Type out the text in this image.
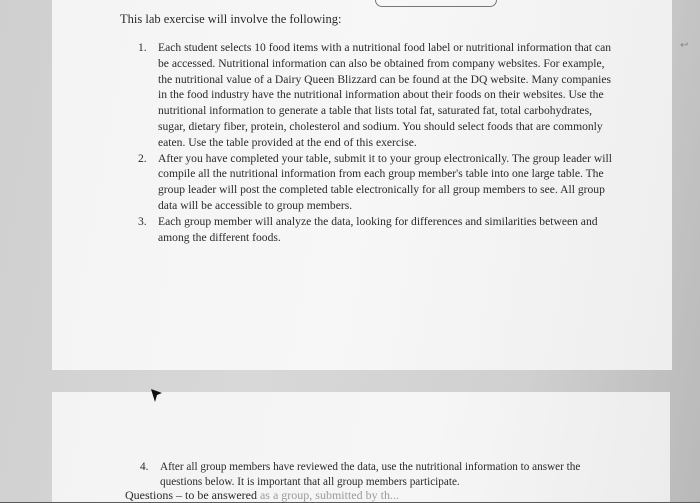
This lab exercise will involve the following:
1. Each student selects 10 food items with a nutritional food label or nutritional information that can be accessed. Nutritional information can also be obtained from company websites. For example, the nutritional value of a Dairy Queen Blizzard can be found at the DQ website. Many companies in the food industry have the nutritional information about their foods on their websites. Use the nutritional information to generate a table that lists total fat, saturated fat, total carbohydrates, sugar, dietary fiber, protein, cholesterol and sodium. You should select foods that are commonly eaten. Use the table provided at the end of this exercise.
2. After you have completed your table, submit it to your group electronically. The group leader will compile all the nutritional information from each group member's table into one large table. The group leader will post the completed table electronically for all group members to see. All group data will be accessible to group members.
3. Each group member will analyze the data, looking for differences and similarities between and among the different foods.
4.	After all group members have reviewed the data, use the nutritional information to answer the questions below. It is important that all group members participate.
Questions – to be answered as a group, submitted by th...
↩
